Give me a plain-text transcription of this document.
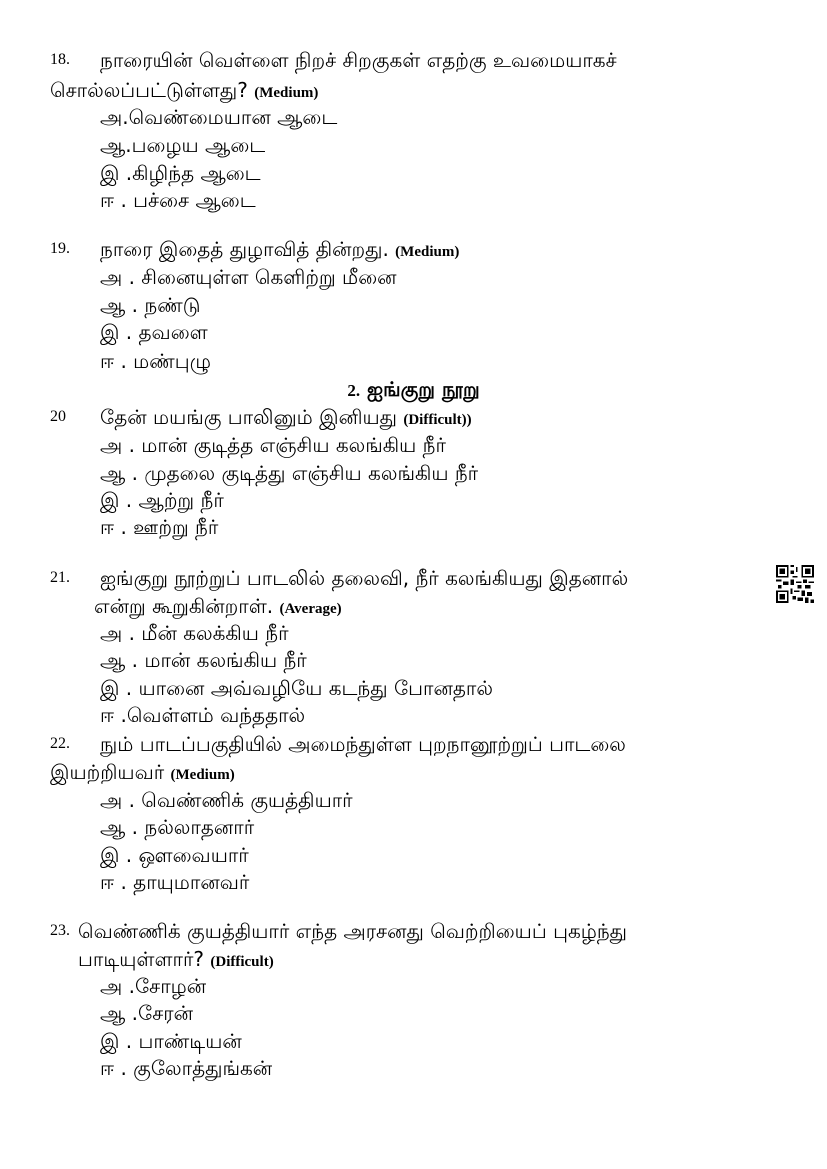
18. நாரையின் வெள்ளை நிறச் சிறகுகள் எதற்கு உவமையாகச்
சொல்லப்பட்டுள்ளது? (Medium)
அ.வெண்மையான ஆடை
ஆ.பழைய ஆடை
இ .கிழிந்த ஆடை
ஈ . பச்சை ஆடை
19. நாரை இதைத் துழாவித் தின்றது. (Medium)
அ . சினையுள்ள கெளிற்று மீனை
ஆ . நண்டு
இ . தவளை
ஈ . மண்புழு
2. ஐங்குறு நூறு
20 தேன் மயங்கு பாலினும் இனியது (Difficult))
அ . மான் குடித்த எஞ்சிய கலங்கிய நீர்
ஆ . முதலை குடித்து எஞ்சிய கலங்கிய நீர்
இ . ஆற்று நீர்
ஈ . ஊற்று நீர்
21. ஐங்குறு நூற்றுப் பாடலில் தலைவி, நீர் கலங்கியது இதனால்
என்று கூறுகின்றாள். (Average)
அ . மீன் கலக்கிய நீர்
ஆ . மான் கலங்கிய நீர்
இ . யானை அவ்வழியே கடந்து போனதால்
ஈ .வெள்ளம் வந்ததால்
22. நும் பாடப்பகுதியில் அமைந்துள்ள புறநானூற்றுப் பாடலை
இயற்றியவர் (Medium)
அ . வெண்ணிக் குயத்தியார்
ஆ . நல்லாதனார்
இ . ஔவையார்
ஈ . தாயுமானவர்
23. வெண்ணிக் குயத்தியார் எந்த அரசனது வெற்றியைப் புகழ்ந்து
பாடியுள்ளார்? (Difficult)
அ .சோழன்
ஆ .சேரன்
இ . பாண்டியன்
ஈ . குலோத்துங்கன்
